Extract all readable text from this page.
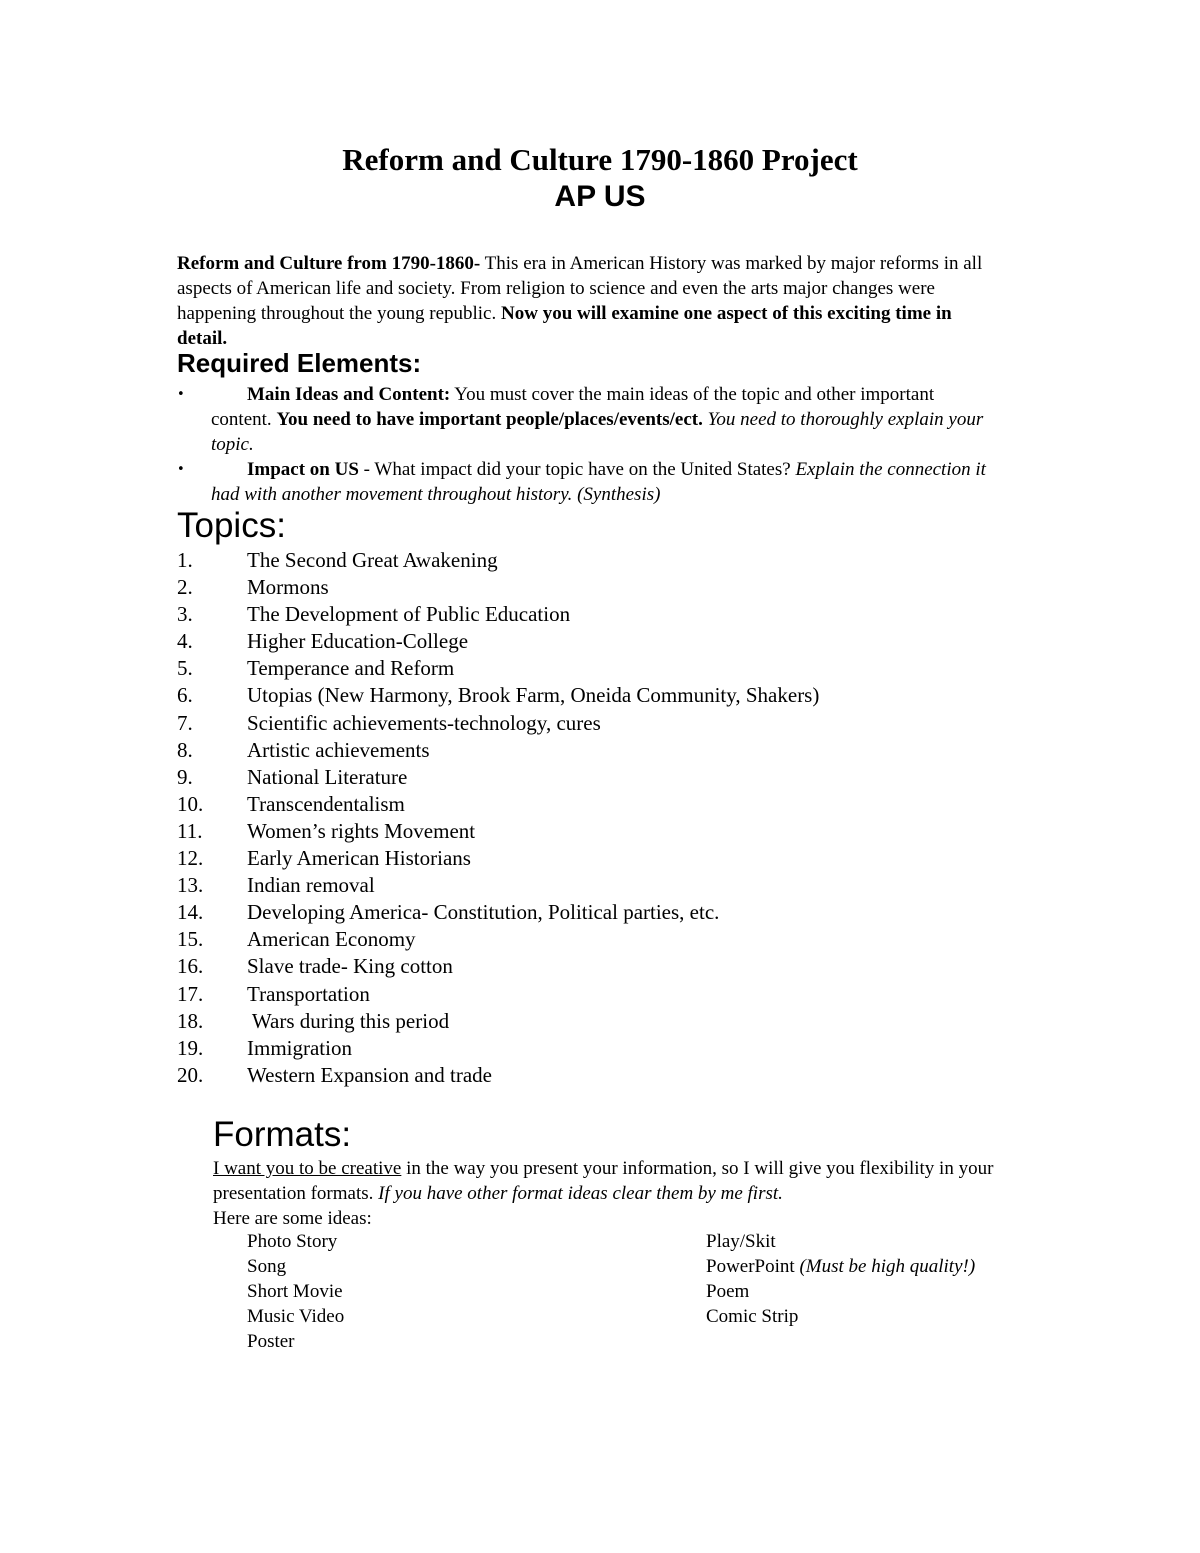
Reform and Culture 1790-1860 Project
AP US
Reform and Culture from 1790-1860- This era in American History was marked by major reforms in all aspects of American life and society. From religion to science and even the arts major changes were happening throughout the young republic. Now you will examine one aspect of this exciting time in detail.
Required Elements:
•	Main Ideas and Content: You must cover the main ideas of the topic and other important content. You need to have important people/places/events/ect. You need to thoroughly explain your topic.
•	Impact on US - What impact did your topic have on the United States? Explain the connection it had with another movement throughout history. (Synthesis)
Topics:
1.	The Second Great Awakening
2.	Mormons
3.	The Development of Public Education
4.	Higher Education-College
5.	Temperance and Reform
6.	Utopias (New Harmony, Brook Farm, Oneida Community, Shakers)
7.	Scientific achievements-technology, cures
8.	Artistic achievements
9.	National Literature
10.	Transcendentalism
11.	Women’s rights Movement
12.	Early American Historians
13.	Indian removal
14.	Developing America- Constitution, Political parties, etc.
15.	American Economy
16.	Slave trade- King cotton
17.	Transportation
18.	Wars during this period
19.	Immigration
20.	Western Expansion and trade
Formats:
I want you to be creative in the way you present your information, so I will give you flexibility in your presentation formats. If you have other format ideas clear them by me first.
Here are some ideas:
Photo Story
Song
Short Movie
Music Video
Poster
Play/Skit
PowerPoint (Must be high quality!)
Poem
Comic Strip
